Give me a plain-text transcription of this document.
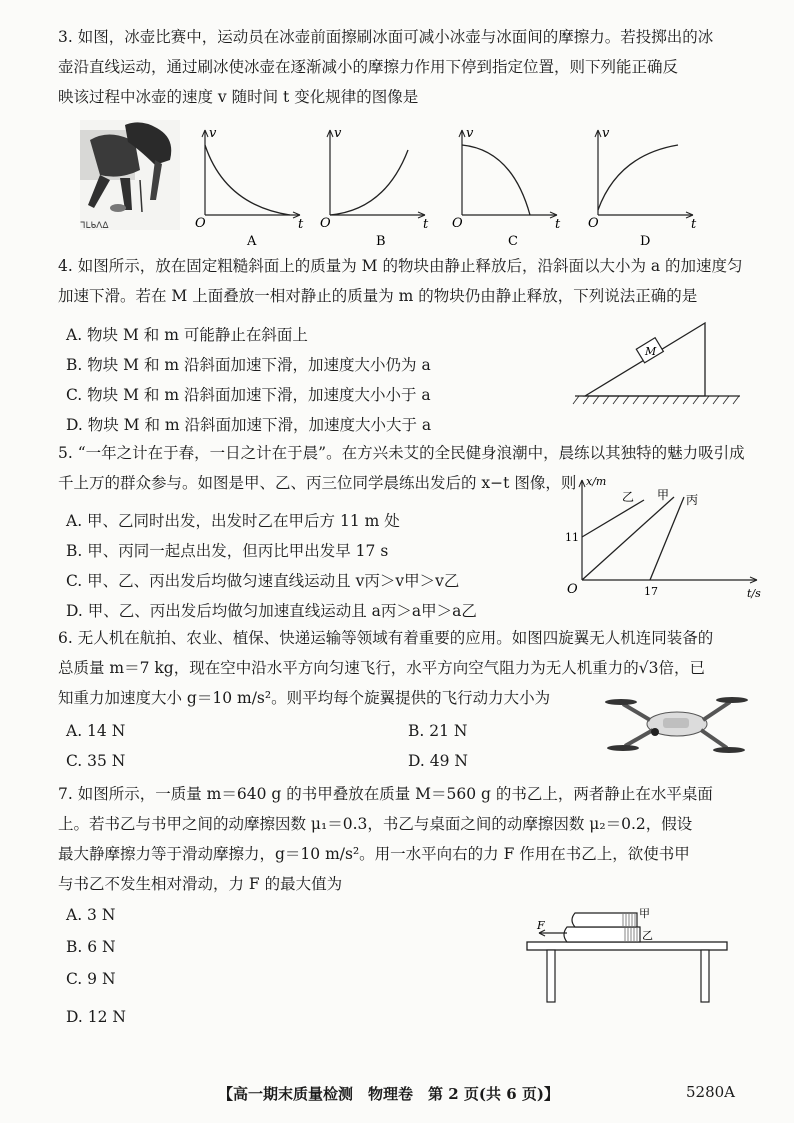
3. 如图，冰壶比赛中，运动员在冰壶前面擦刷冰面可减小冰壶与冰面间的摩擦力。若投掷出的冰
壶沿直线运动，通过刷冰使冰壶在逐渐减小的摩擦力作用下停到指定位置，则下列能正确反
映该过程中冰壶的速度 v 随时间 t 变化规律的图像是
ᒣᒪᑲᐱᐃ
v
t
O
A
v
t
O
B
v
t
O
C
v
t
O
D
4. 如图所示，放在固定粗糙斜面上的质量为 M 的物块由静止释放后，沿斜面以大小为 a 的加速度匀
加速下滑。若在 M 上面叠放一相对静止的质量为 m 的物块仍由静止释放，下列说法正确的是
A. 物块 M 和 m 可能静止在斜面上
B. 物块 M 和 m 沿斜面加速下滑，加速度大小仍为 a
C. 物块 M 和 m 沿斜面加速下滑，加速度大小小于 a
D. 物块 M 和 m 沿斜面加速下滑，加速度大小大于 a
M
5. “一年之计在于春，一日之计在于晨”。在方兴未艾的全民健身浪潮中，晨练以其独特的魅力吸引成
千上万的群众参与。如图是甲、乙、丙三位同学晨练出发后的 x−t 图像，则
A. 甲、乙同时出发，出发时乙在甲后方 11 m 处
B. 甲、丙同一起点出发，但丙比甲出发早 17 s
C. 甲、乙、丙出发后均做匀速直线运动且 v丙＞v甲＞v乙
D. 甲、乙、丙出发后均做匀加速直线运动且 a丙＞a甲＞a乙
x/m
t/s
O
11
17
乙 甲 丙
6. 无人机在航拍、农业、植保、快递运输等领域有着重要的应用。如图四旋翼无人机连同装备的
总质量 m＝7 kg，现在空中沿水平方向匀速飞行，水平方向空气阻力为无人机重力的√3倍，已
知重力加速度大小 g＝10 m/s²。则平均每个旋翼提供的飞行动力大小为
A. 14 N	B. 21 N
C. 35 N	D. 49 N
7. 如图所示，一质量 m＝640 g 的书甲叠放在质量 M＝560 g 的书乙上，两者静止在水平桌面
上。若书乙与书甲之间的动摩擦因数 μ₁＝0.3，书乙与桌面之间的动摩擦因数 μ₂＝0.2，假设
最大静摩擦力等于滑动摩擦力，g＝10 m/s²。用一水平向右的力 F 作用在书乙上，欲使书甲
与书乙不发生相对滑动，力 F 的最大值为
A. 3 N
B. 6 N
C. 9 N
D. 12 N
F
甲
乙
【高一期末质量检测　物理卷　第 2 页(共 6 页)】	5280A
